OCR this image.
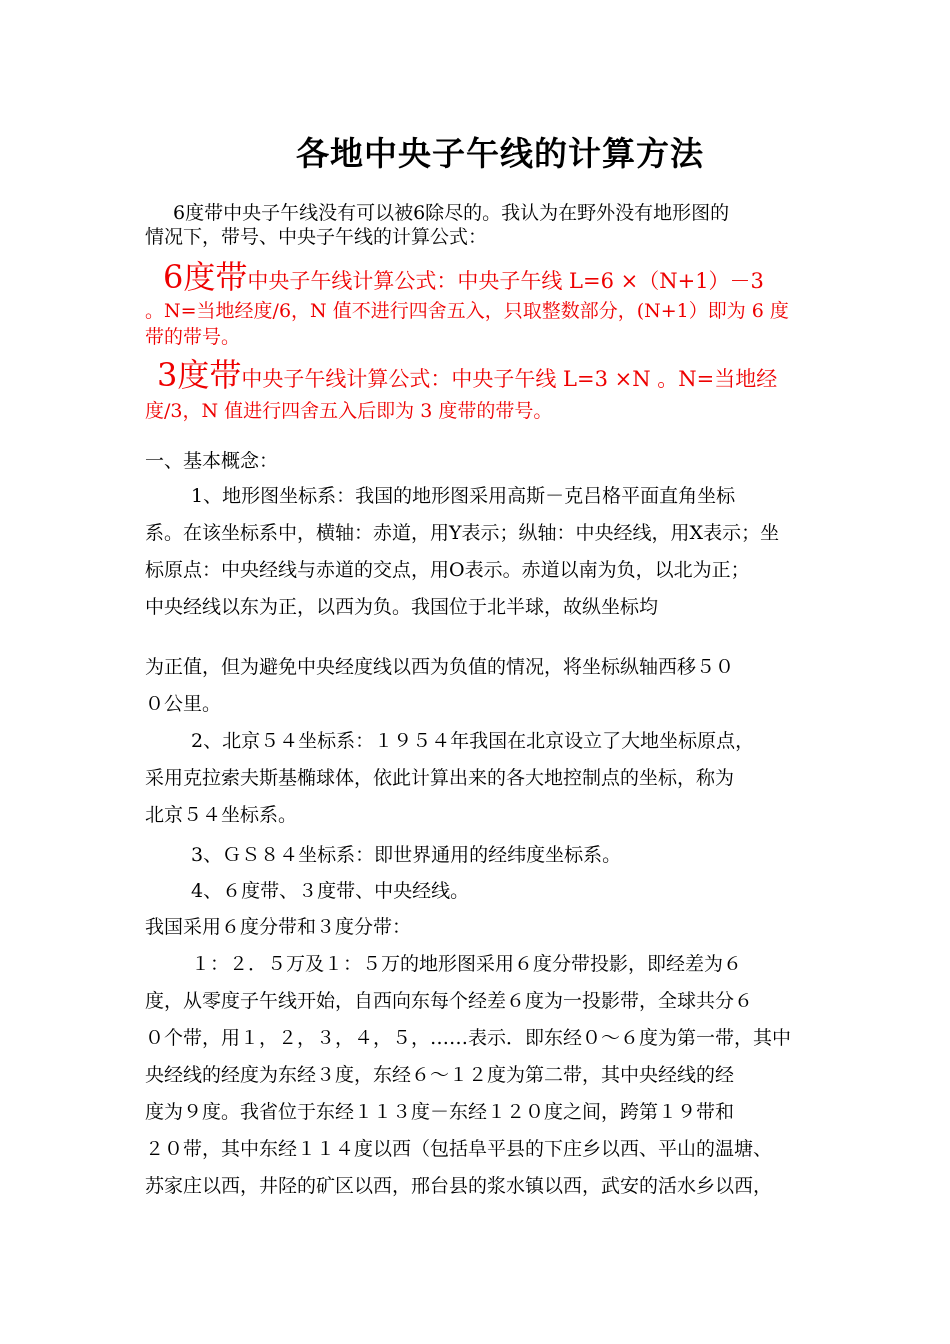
各地中央子午线的计算方法
6度带中央子午线没有可以被6除尽的。我认为在野外没有地形图的
情况下，带号、中央子午线的计算公式：
6度带中央子午线计算公式：中央子午线 L=6 ×（N+1）－3
。N=当地经度/6，N 值不进行四舍五入，只取整数部分，(N+1）即为 6 度
带的带号。
3度带中央子午线计算公式：中央子午线 L=3 ×N 。N=当地经
度/3，N 值进行四舍五入后即为 3 度带的带号。
一、基本概念：
1、地形图坐标系：我国的地形图采用高斯－克吕格平面直角坐标
系。在该坐标系中，横轴：赤道，用Y表示；纵轴：中央经线，用X表示；坐
标原点：中央经线与赤道的交点，用O表示。赤道以南为负，以北为正；
中央经线以东为正，以西为负。我国位于北半球，故纵坐标均
为正值，但为避免中央经度线以西为负值的情况，将坐标纵轴西移５０
０公里。
2、北京５４坐标系：１９５４年我国在北京设立了大地坐标原点，
采用克拉索夫斯基椭球体，依此计算出来的各大地控制点的坐标，称为
北京５４坐标系。
3、ＧＳ８４坐标系：即世界通用的经纬度坐标系。
4、６度带、３度带、中央经线。
我国采用６度分带和３度分带：
１：２．５万及１：５万的地形图采用６度分带投影，即经差为６
度，从零度子午线开始，自西向东每个经差６度为一投影带，全球共分６
０个带，用１，２，３，４，５，……表示．即东经０～６度为第一带，其中
央经线的经度为东经３度，东经６～１２度为第二带，其中央经线的经
度为９度。我省位于东经１１３度－东经１２０度之间，跨第１９带和
２０带，其中东经１１４度以西（包括阜平县的下庄乡以西、平山的温塘、
苏家庄以西，井陉的矿区以西，邢台县的浆水镇以西，武安的活水乡以西，
